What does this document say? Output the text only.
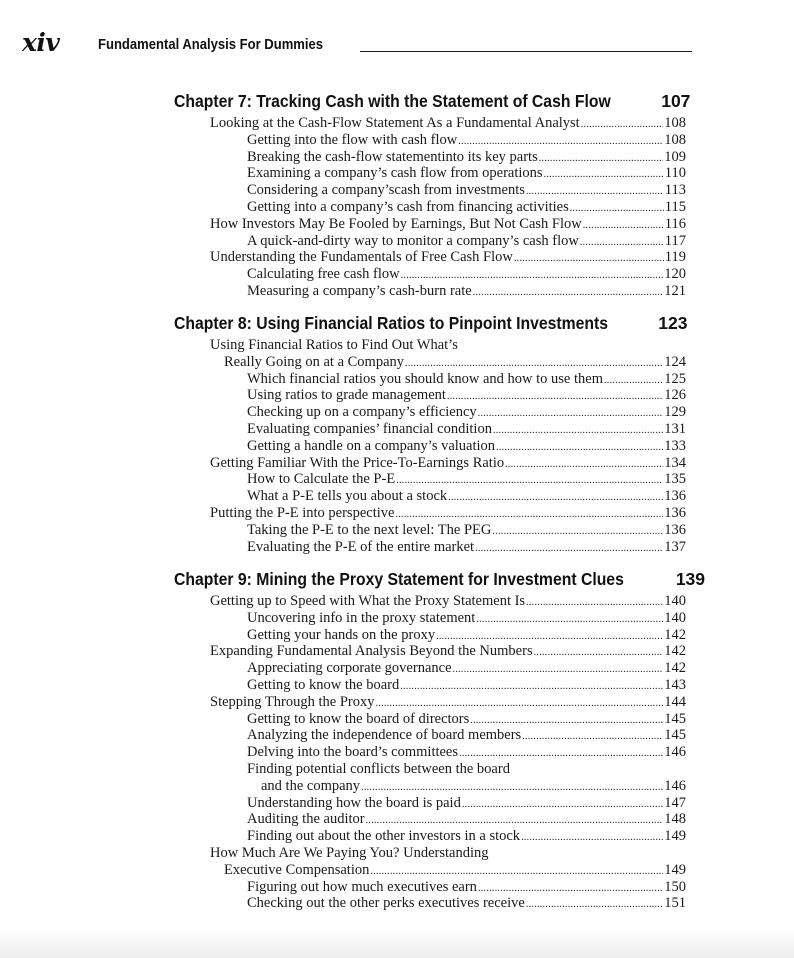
xiv	Fundamental Analysis For Dummies
Chapter 7: Tracking Cash with the Statement of Cash Flow	107
Looking at the Cash-Flow Statement As a Fundamental Analyst .....	108
Getting into the flow with cash flow .....	108
Breaking the cash-flow statementinto its key parts .....	109
Examining a company’s cash flow from operations .....	110
Considering a company’scash from investments .....	113
Getting into a company’s cash from financing activities .....	115
How Investors May Be Fooled by Earnings, But Not Cash Flow .....	116
A quick-and-dirty way to monitor a company’s cash flow .....	117
Understanding the Fundamentals of Free Cash Flow .....	119
Calculating free cash flow .....	120
Measuring a company’s cash-burn rate .....	121
Chapter 8: Using Financial Ratios to Pinpoint Investments	123
Using Financial Ratios to Find Out What’s
Really Going on at a Company .....	124
Which financial ratios you should know and how to use them .....	125
Using ratios to grade management .....	126
Checking up on a company’s efficiency .....	129
Evaluating companies’ financial condition .....	131
Getting a handle on a company’s valuation .....	133
Getting Familiar With the Price-To-Earnings Ratio .....	134
How to Calculate the P-E .....	135
What a P-E tells you about a stock .....	136
Putting the P-E into perspective .....	136
Taking the P-E to the next level: The PEG .....	136
Evaluating the P-E of the entire market .....	137
Chapter 9: Mining the Proxy Statement for Investment Clues	139
Getting up to Speed with What the Proxy Statement Is .....	140
Uncovering info in the proxy statement .....	140
Getting your hands on the proxy .....	142
Expanding Fundamental Analysis Beyond the Numbers .....	142
Appreciating corporate governance .....	142
Getting to know the board .....	143
Stepping Through the Proxy .....	144
Getting to know the board of directors .....	145
Analyzing the independence of board members .....	145
Delving into the board’s committees .....	146
Finding potential conflicts between the board
and the company .....	146
Understanding how the board is paid .....	147
Auditing the auditor .....	148
Finding out about the other investors in a stock .....	149
How Much Are We Paying You? Understanding
Executive Compensation .....	149
Figuring out how much executives earn .....	150
Checking out the other perks executives receive .....	151
